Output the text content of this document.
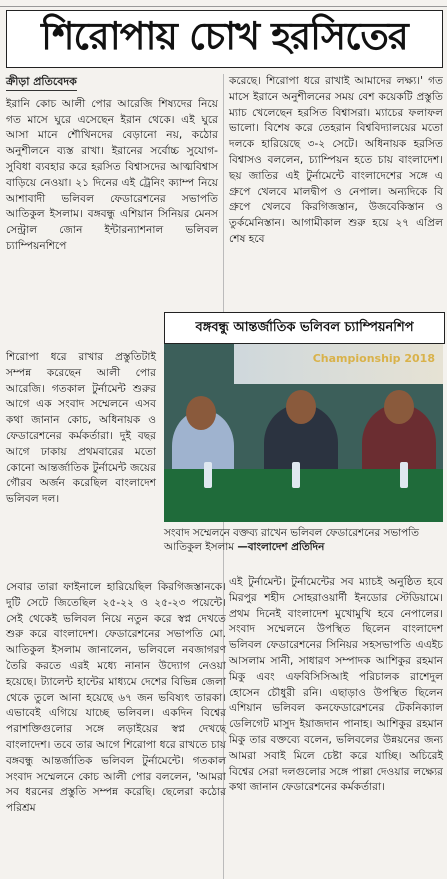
শিরোপায় চোখ হরসিতের
ক্রীড়া প্রতিবেদক

ইরানি কোচ আলী পোর আরেজি শিষ্যদের নিয়ে গত মাসে ঘুরে এসেছেন ইরান থেকে। এই ঘুরে আসা মানে শৌখিনদের বেড়ানো নয়, কঠোর অনুশীলনে ব্যস্ত রাখা। ইরানের সর্বোচ্চ সুযোগ-সুবিধা ব্যবহার করে হরসিত বিশ্বাসদের আত্মবিশ্বাস বাড়িয়ে নেওয়া। ২১ দিনের এই ট্রেনিং ক্যাম্প নিয়ে আশাবাদী ভলিবল ফেডারেশনের সভাপতি আতিকুল ইসলাম। বঙ্গবন্ধু এশিয়ান সিনিয়র মেনস সেন্ট্রাল জোন ইন্টারন্যাশনাল ভলিবল চ্যাম্পিয়নশিপে

শিরোপা ধরে রাখার প্রস্তুতিটাই সম্পন্ন করেছেন আলী পোর আরেজি। গতকাল টুর্নামেন্ট শুরুর আগে এক সংবাদ সম্মেলনে এসব কথা জানান কোচ, অধিনায়ক ও ফেডারেশনের কর্মকর্তারা। দুই বছর আগে ঢাকায় প্রথমবারের মতো কোনো আন্তর্জাতিক টুর্নামেন্ট জয়ের গৌরব অর্জন করেছিল বাংলাদেশ ভলিবল দল।

সেবার তারা ফাইনালে হারিয়েছিল কিরগিজস্তানকে। দুটি সেটে জিতেছিল ২৫-২২ ও ২৫-২৩ পয়েন্টে। সেই থেকেই ভলিবল নিয়ে নতুন করে স্বপ্ন দেখতে শুরু করে বাংলাদেশ। ফেডারেশনের সভাপতি মো. আতিকুল ইসলাম জানালেন, ভলিবলে নবজাগরণ তৈরি করতে এরই মধ্যে নানান উদ্যোগ নেওয়া হয়েছে। ট্যালেন্ট হান্টের মাধ্যমে দেশের বিভিন্ন জেলা থেকে তুলে আনা হয়েছে ৬৭ জন ভবিষ্যৎ তারকা। এভাবেই এগিয়ে যাচ্ছে ভলিবল। একদিন বিশ্বের পরাশক্তিগুলোর সঙ্গে লড়াইয়ের স্বপ্ন দেখছে বাংলাদেশ। তবে তার আগে শিরোপা ধরে রাখতে চায় বঙ্গবন্ধু আন্তর্জাতিক ভলিবল টুর্নামেন্টে। গতকাল সংবাদ সম্মেলনে কোচ আলী পোর বললেন, 'আমরা সব ধরনের প্রস্তুতি সম্পন্ন করেছি। ছেলেরা কঠোর পরিশ্রম

করেছে। শিরোপা ধরে রাখাই আমাদের লক্ষ্য।' গত মাসে ইরানে অনুশীলনের সময় বেশ কয়েকটি প্রস্তুতি ম্যাচ খেলেছেন হরসিত বিশ্বাসরা। ম্যাচের ফলাফল ভালো। বিশেষ করে তেহরান বিশ্ববিদ্যালয়ের মতো দলকে হারিয়েছে ৩-২ সেটে। অধিনায়ক হরসিত বিশ্বাসও বললেন, চ্যাম্পিয়ন হতে চায় বাংলাদেশ। ছয় জাতির এই টুর্নামেন্টে বাংলাদেশের সঙ্গে এ গ্রুপে খেলবে মালদ্বীপ ও নেপাল। অন্যদিকে বি গ্রুপে খেলবে কিরগিজস্তান, উজবেকিস্তান ও তুর্কমেনিস্তান। আগামীকাল শুরু হয়ে ২৭ এপ্রিল শেষ হবে

বঙ্গবন্ধু আন্তর্জাতিক ভলিবল চ্যাম্পিয়নশিপ
Championship 2018
সংবাদ সম্মেলনে বক্তব্য রাখেন ভলিবল ফেডারেশনের সভাপতি আতিকুল ইসলাম —বাংলাদেশ প্রতিদিন

এই টুর্নামেন্ট। টুর্নামেন্টের সব ম্যাচই অনুষ্ঠিত হবে মিরপুর শহীদ সোহরাওয়ার্দী ইনডোর স্টেডিয়ামে। প্রথম দিনেই বাংলাদেশ মুখোমুখি হবে নেপালের। সংবাদ সম্মেলনে উপস্থিত ছিলেন বাংলাদেশ ভলিবল ফেডারেশনের সিনিয়র সহসভাপতি এএইচ আসলাম সানী, সাধারণ সম্পাদক আশিকুর রহমান মিকু এবং এফবিসিসিআই পরিচালক রাশেদুল হোসেন চৌধুরী রনি। এছাড়াও উপস্থিত ছিলেন এশিয়ান ভলিবল কনফেডারেশনের টেকনিক্যাল ডেলিগেট মাসুদ ইয়াজদান পানাহ। আশিকুর রহমান মিকু তার বক্তব্যে বলেন, ভলিবলের উন্নয়নের জন্য আমরা সবাই মিলে চেষ্টা করে যাচ্ছি। অচিরেই বিশ্বের সেরা দলগুলোর সঙ্গে পাল্লা দেওয়ার লক্ষ্যের কথা জানান ফেডারেশনের কর্মকর্তারা।
